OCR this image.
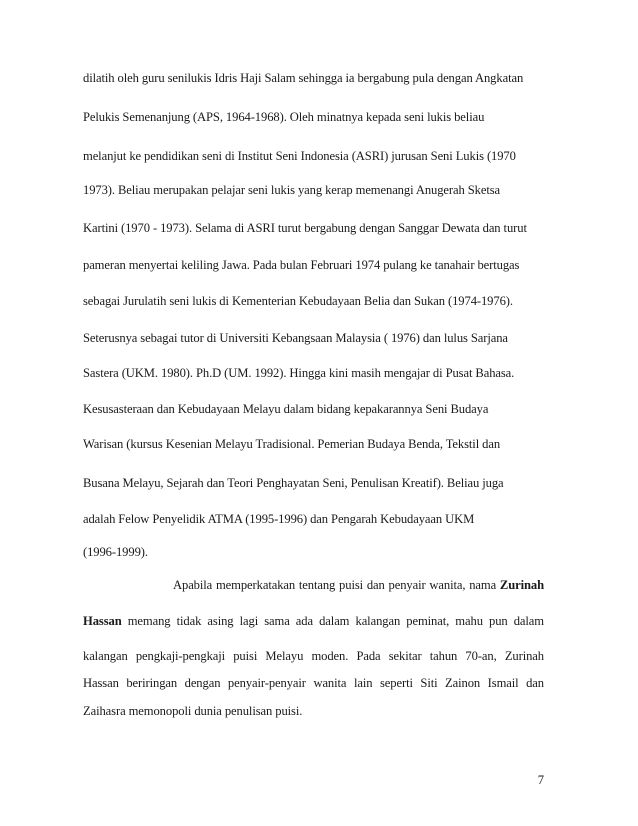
dilatih oleh guru senilukis Idris Haji Salam sehingga ia bergabung pula dengan Angkatan
Pelukis Semenanjung (APS, 1964-1968). Oleh minatnya kepada seni lukis beliau
melanjut ke pendidikan seni di Institut Seni Indonesia (ASRI) jurusan Seni Lukis (1970
1973). Beliau merupakan pelajar seni lukis yang kerap memenangi Anugerah Sketsa
Kartini (1970 - 1973). Selama di ASRI turut bergabung dengan Sanggar Dewata dan turut
pameran menyertai keliling Jawa. Pada bulan Februari 1974 pulang ke tanahair bertugas
sebagai Jurulatih seni lukis di Kementerian Kebudayaan Belia dan Sukan (1974-1976).
Seterusnya sebagai tutor di Universiti Kebangsaan Malaysia ( 1976) dan lulus Sarjana
Sastera (UKM. 1980). Ph.D (UM. 1992). Hingga kini masih mengajar di Pusat Bahasa.
Kesusasteraan dan Kebudayaan Melayu dalam bidang kepakarannya Seni Budaya
Warisan (kursus Kesenian Melayu Tradisional. Pemerian Budaya Benda, Tekstil dan
Busana Melayu, Sejarah dan Teori Penghayatan Seni, Penulisan Kreatif). Beliau juga
adalah Felow Penyelidik ATMA (1995-1996) dan Pengarah Kebudayaan UKM
(1996-1999).
Apabila memperkatakan tentang puisi dan penyair wanita, nama Zurinah
Hassan memang tidak asing lagi sama ada dalam kalangan peminat, mahu pun dalam
kalangan pengkaji-pengkaji puisi Melayu moden. Pada sekitar tahun 70-an, Zurinah
Hassan beriringan dengan penyair-penyair wanita lain seperti Siti Zainon Ismail dan
Zaihasra memonopoli dunia penulisan puisi.
7
